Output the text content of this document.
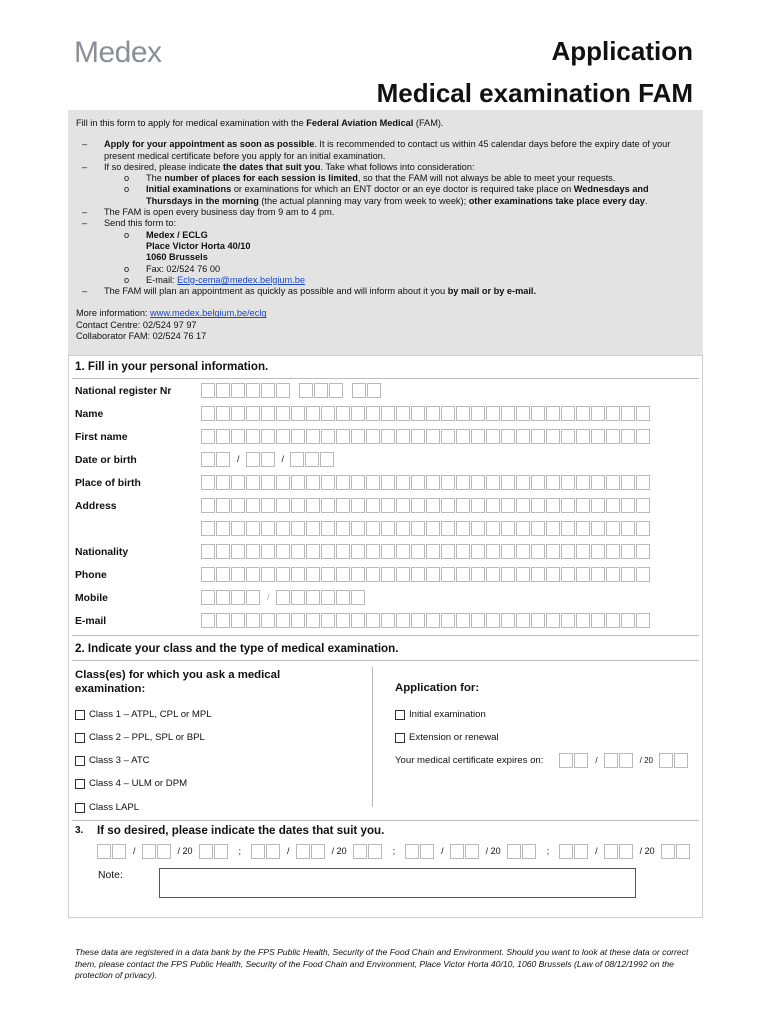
Medex	Application
Medical examination FAM
Fill in this form to apply for medical examination with the Federal Aviation Medical (FAM).
– Apply for your appointment as soon as possible. It is recommended to contact us within 45 calendar days before the expiry date of your present medical certificate before you apply for an initial examination.
– If so desired, please indicate the dates that suit you. Take what follows into consideration:
o The number of places for each session is limited, so that the FAM will not always be able to meet your requests.
o Initial examinations or examinations for which an ENT doctor or an eye doctor is required take place on Wednesdays and Thursdays in the morning (the actual planning may vary from week to week); other examinations take place every day.
– The FAM is open every business day from 9 am to 4 pm.
– Send this form to:
o Medex / ECLG
Place Victor Horta 40/10
1060 Brussels
o Fax: 02/524 76 00
o E-mail: Eclg-cema@medex.belgium.be
– The FAM will plan an appointment as quickly as possible and will inform about it you by mail or by e-mail.
More information: www.medex.belgium.be/eclg
Contact Centre: 02/524 97 97
Collaborator FAM: 02/524 76 17
1. Fill in your personal information.
National register Nr
Name
First name
Date or birth	/	/
Place of birth
Address
Nationality
Phone
Mobile	/
E-mail
2. Indicate your class and the type of medical examination.
Class(es) for which you ask a medical examination:	Application for:
Class 1 – ATPL, CPL or MPL
Class 2 – PPL, SPL or BPL
Class 3 – ATC
Class 4 – ULM or DPM
Class LAPL
Initial examination
Extension or renewal
Your medical certificate expires on:	/	/ 20
3. If so desired, please indicate the dates that suit you.
/	/ 20	;	/	/ 20	;	/	/ 20	;	/	/ 20
Note:
These data are registered in a data bank by the FPS Public Health, Security of the Food Chain and Environment. Should you want to look at these data or correct them, please contact the FPS Public Health, Security of the Food Chain and Environment, Place Victor Horta 40/10, 1060 Brussels (Law of 08/12/1992 on the protection of privacy).
